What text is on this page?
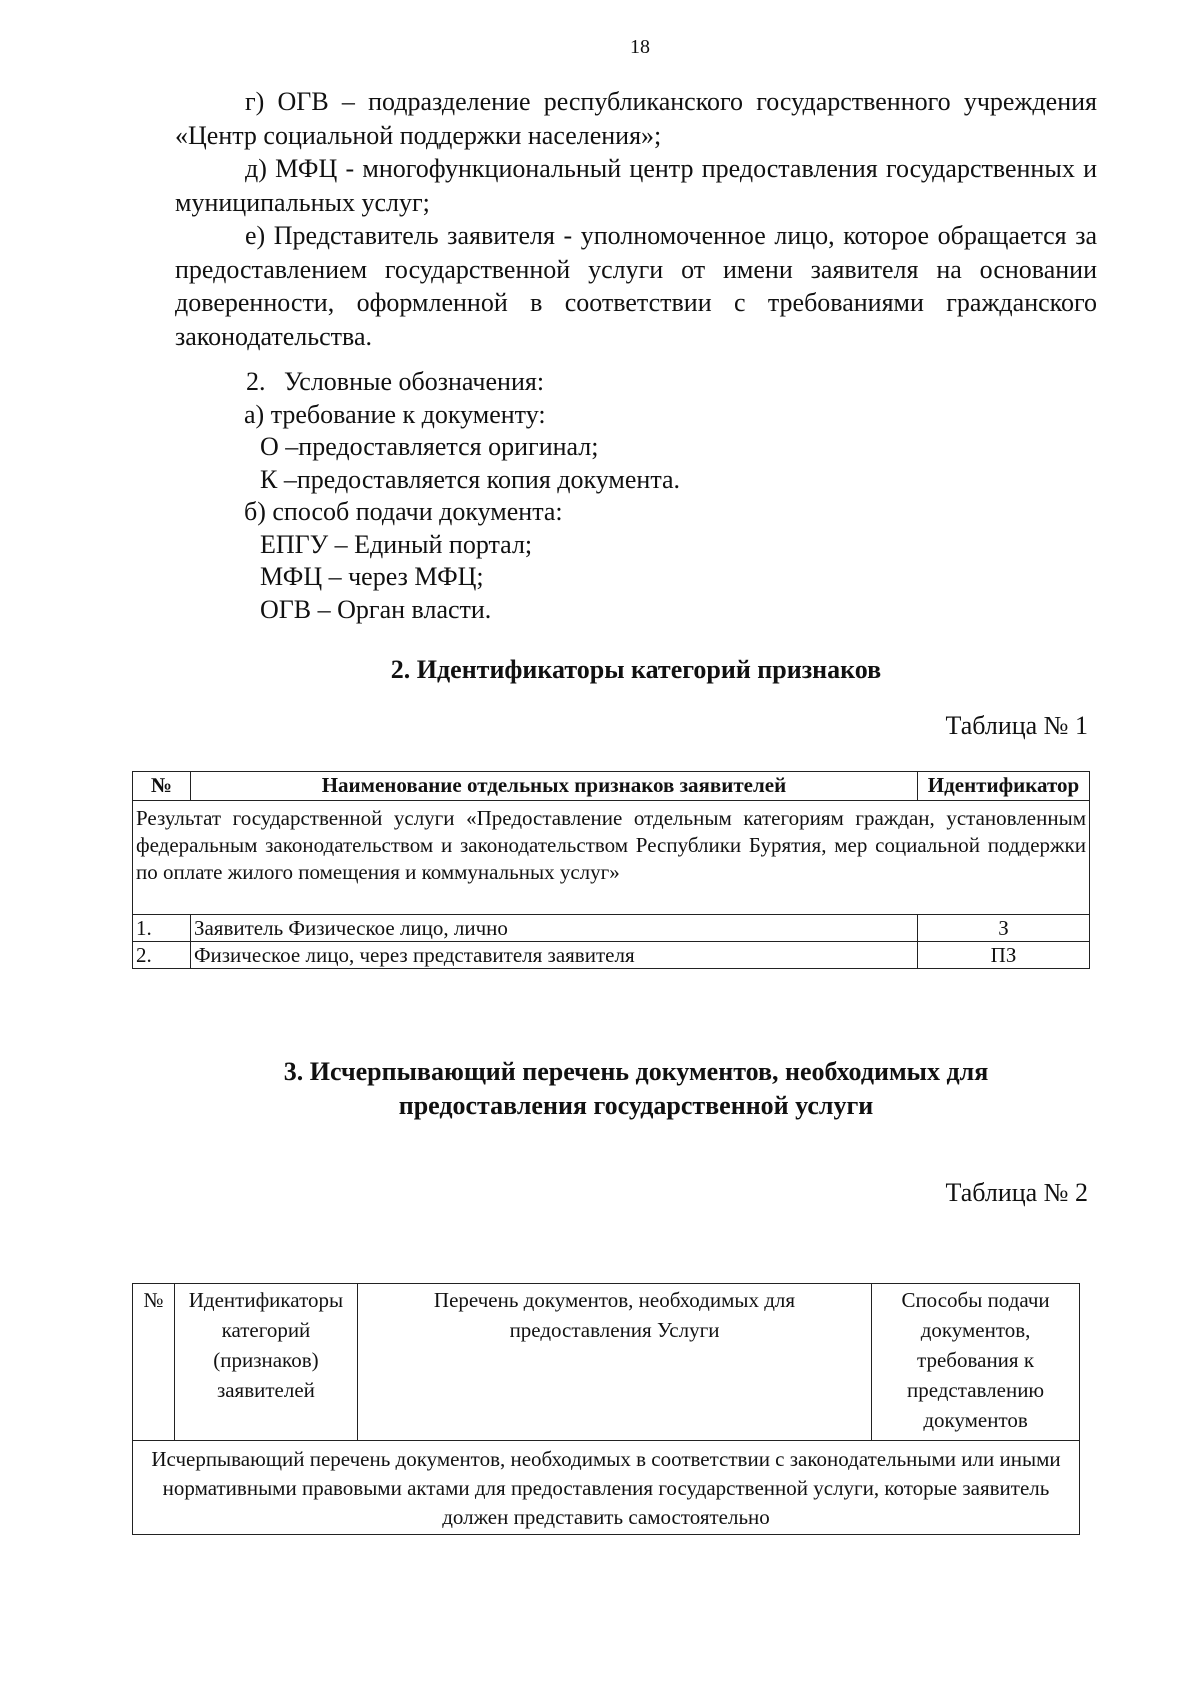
18

г) ОГВ – подразделение республиканского государственного учреждения «Центр социальной поддержки населения»;

д) МФЦ - многофункциональный центр предоставления государственных и муниципальных услуг;

е) Представитель заявителя - уполномоченное лицо, которое обращается за предоставлением государственной услуги от имени заявителя на основании доверенности, оформленной в соответствии с требованиями гражданского законодательства.

2. Условные обозначения:
а) требование к документу:
О –предоставляется оригинал;
К –предоставляется копия документа.
б) способ подачи документа:
ЕПГУ – Единый портал;
МФЦ – через МФЦ;
ОГВ – Орган власти.
2. Идентификаторы категорий признаков
Таблица № 1
№	Наименование отдельных признаков заявителей	Идентификатор
Результат государственной услуги «Предоставление отдельным категориям граждан, установленным федеральным законодательством и законодательством Республики Бурятия, мер социальной поддержки по оплате жилого помещения и коммунальных услуг»		
1.	Заявитель Физическое лицо, лично	З
2.	Физическое лицо, через представителя заявителя	ПЗ
3. Исчерпывающий перечень документов, необходимых для
предоставления государственной услуги
Таблица № 2
№	Идентификаторы категорий (признаков) заявителей	Перечень документов, необходимых для предоставления Услуги	Способы подачи документов, требования к представлению документов
Исчерпывающий перечень документов, необходимых в соответствии с законодательными или иными нормативными правовыми актами для предоставления государственной услуги, которые заявитель должен представить самостоятельно
